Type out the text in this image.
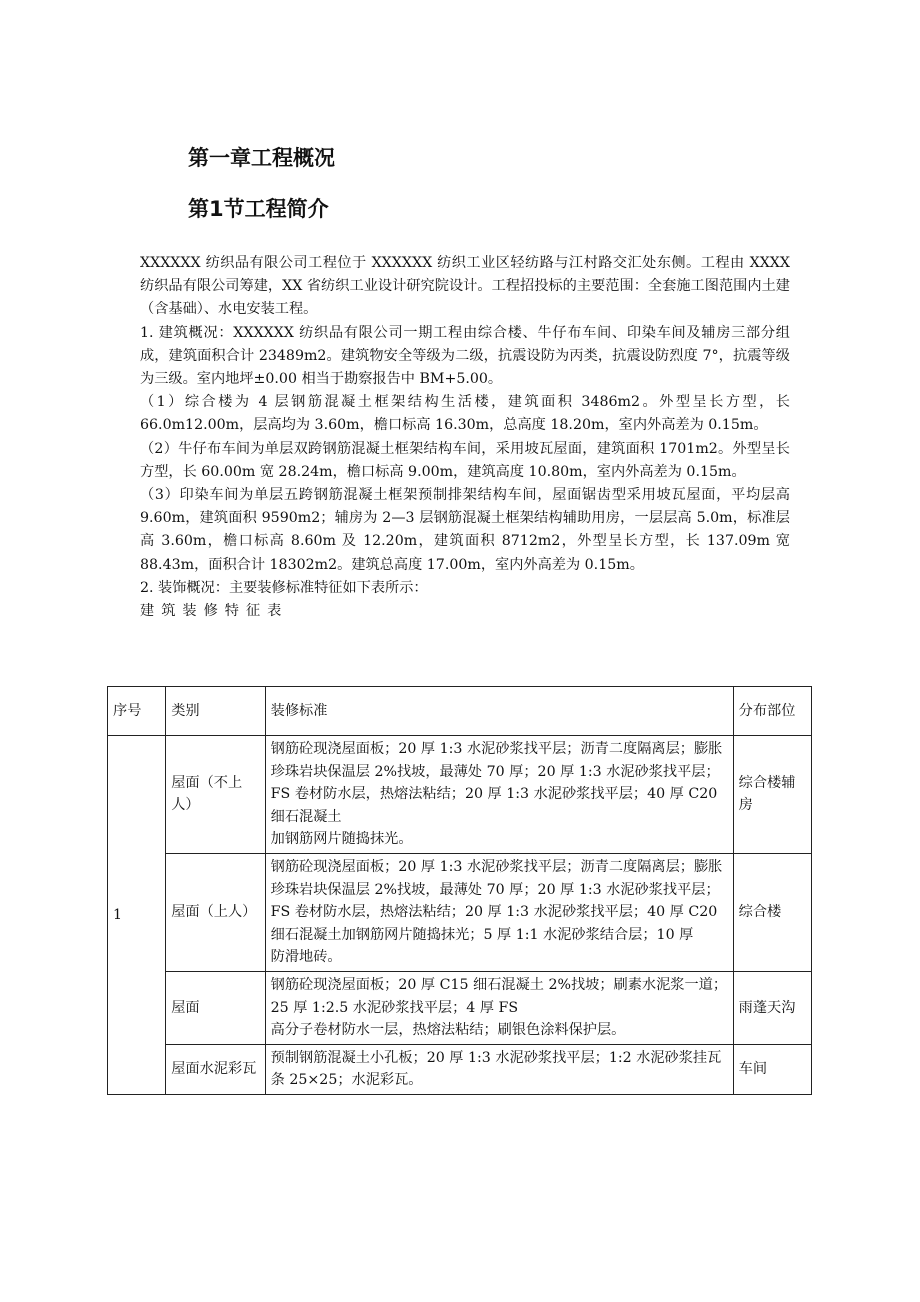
第一章工程概况
第1节工程简介

XXXXXX 纺织品有限公司工程位于 XXXXXX 纺织工业区轻纺路与江村路交汇处东侧。工程由 XXXX 纺织品有限公司筹建，XX 省纺织工业设计研究院设计。工程招投标的主要范围：全套施工图范围内土建（含基础）、水电安装工程。

1. 建筑概况：XXXXXX 纺织品有限公司一期工程由综合楼、牛仔布车间、印染车间及辅房三部分组成，建筑面积合计 23489m2。建筑物安全等级为二级，抗震设防为丙类，抗震设防烈度 7°，抗震等级为三级。室内地坪±0.00 相当于勘察报告中 BM+5.00。

（1）综合楼为 4 层钢筋混凝土框架结构生活楼，建筑面积 3486m2。外型呈长方型，长 66.0m12.00m，层高均为 3.60m，檐口标高 16.30m，总高度 18.20m，室内外高差为 0.15m。

（2）牛仔布车间为单层双跨钢筋混凝土框架结构车间，采用坡瓦屋面，建筑面积 1701m2。外型呈长方型，长 60.00m 宽 28.24m，檐口标高 9.00m，建筑高度 10.80m，室内外高差为 0.15m。

（3）印染车间为单层五跨钢筋混凝土框架预制排架结构车间，屋面锯齿型采用坡瓦屋面，平均层高 9.60m，建筑面积 9590m2；辅房为 2—3 层钢筋混凝土框架结构辅助用房，一层层高 5.0m，标准层高 3.60m，檐口标高 8.60m 及 12.20m，建筑面积 8712m2，外型呈长方型，长 137.09m 宽 88.43m，面积合计 18302m2。建筑总高度 17.00m，室内外高差为 0.15m。

2. 装饰概况：主要装修标准特征如下表所示：

建筑装修特征表

序号	类别	装修标准	分布部位
1	屋面（不上人）	钢筋砼现浇屋面板；20 厚 1:3 水泥砂浆找平层；沥青二度隔离层；膨胀珍珠岩块保温层 2%找坡，最薄处 70 厚；20 厚 1:3 水泥砂浆找平层；FS 卷材防水层，热熔法粘结；20 厚 1:3 水泥砂浆找平层；40 厚 C20 细石混凝土
加钢筋网片随捣抹光。	综合楼辅房
	屋面（上人）	钢筋砼现浇屋面板；20 厚 1:3 水泥砂浆找平层；沥青二度隔离层；膨胀珍珠岩块保温层 2%找坡，最薄处 70 厚；20 厚 1:3 水泥砂浆找平层；FS 卷材防水层，热熔法粘结；20 厚 1:3 水泥砂浆找平层；40 厚 C20 细石混凝土加钢筋网片随捣抹光；5 厚 1:1 水泥砂浆结合层；10 厚
防滑地砖。	综合楼
	屋面	钢筋砼现浇屋面板；20 厚 C15 细石混凝土 2%找坡；刷素水泥浆一道；25 厚 1:2.5 水泥砂浆找平层；4 厚 FS
高分子卷材防水一层，热熔法粘结；刷银色涂料保护层。	雨蓬天沟
	屋面水泥彩瓦	预制钢筋混凝土小孔板；20 厚 1:3 水泥砂浆找平层；1:2 水泥砂浆挂瓦条 25×25；水泥彩瓦。	车间
